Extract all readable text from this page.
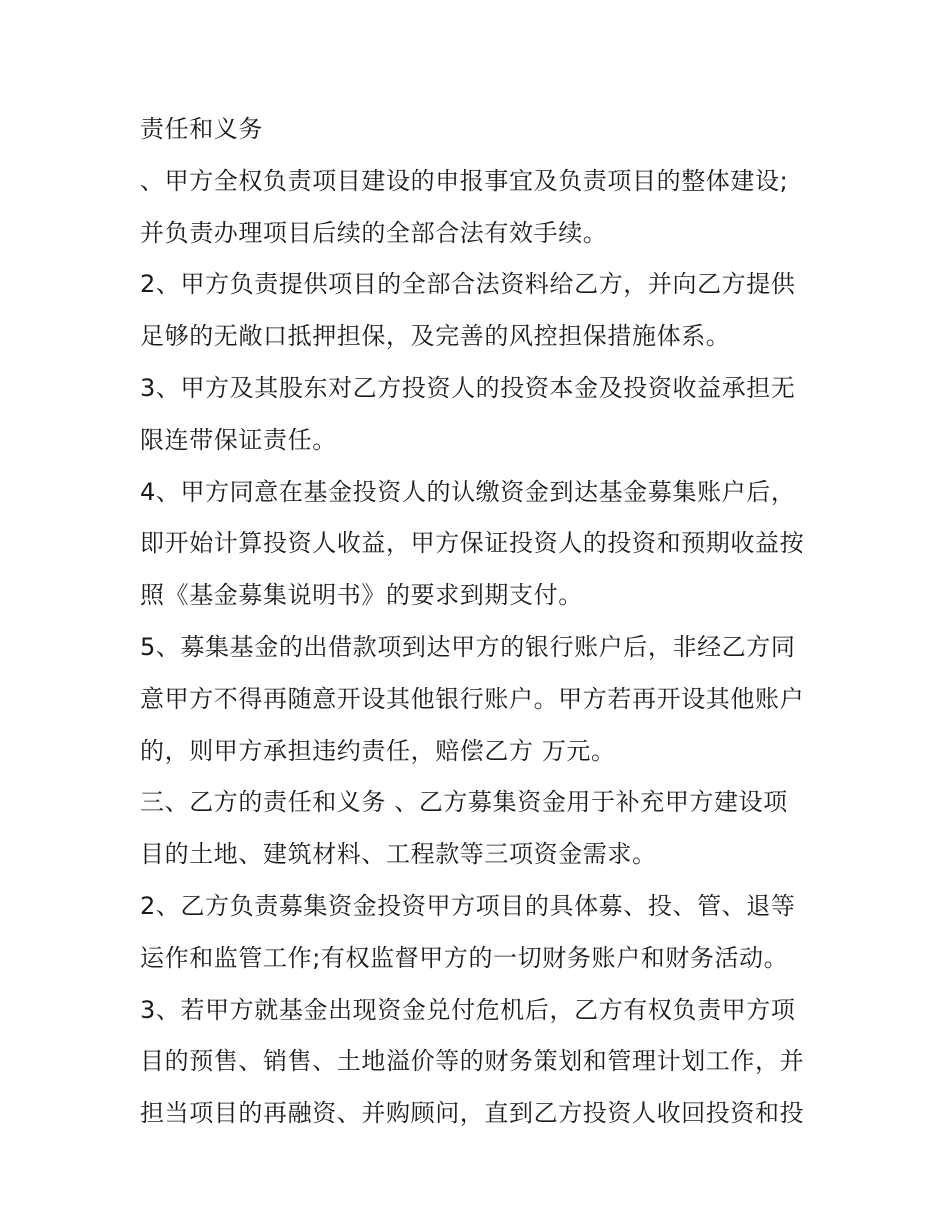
责任和义务
、甲方全权负责项目建设的申报事宜及负责项目的整体建设;
并负责办理项目后续的全部合法有效手续。
2、甲方负责提供项目的全部合法资料给乙方，并向乙方提供
足够的无敞口抵押担保，及完善的风控担保措施体系。
3、甲方及其股东对乙方投资人的投资本金及投资收益承担无
限连带保证责任。
4、甲方同意在基金投资人的认缴资金到达基金募集账户后，
即开始计算投资人收益，甲方保证投资人的投资和预期收益按
照《基金募集说明书》的要求到期支付。
5、募集基金的出借款项到达甲方的银行账户后，非经乙方同
意甲方不得再随意开设其他银行账户。甲方若再开设其他账户
的，则甲方承担违约责任，赔偿乙方 万元。
三、乙方的责任和义务 、乙方募集资金用于补充甲方建设项
目的土地、建筑材料、工程款等三项资金需求。
2、乙方负责募集资金投资甲方项目的具体募、投、管、退等
运作和监管工作;有权监督甲方的一切财务账户和财务活动。
3、若甲方就基金出现资金兑付危机后，乙方有权负责甲方项
目的预售、销售、土地溢价等的财务策划和管理计划工作，并
担当项目的再融资、并购顾问，直到乙方投资人收回投资和投
